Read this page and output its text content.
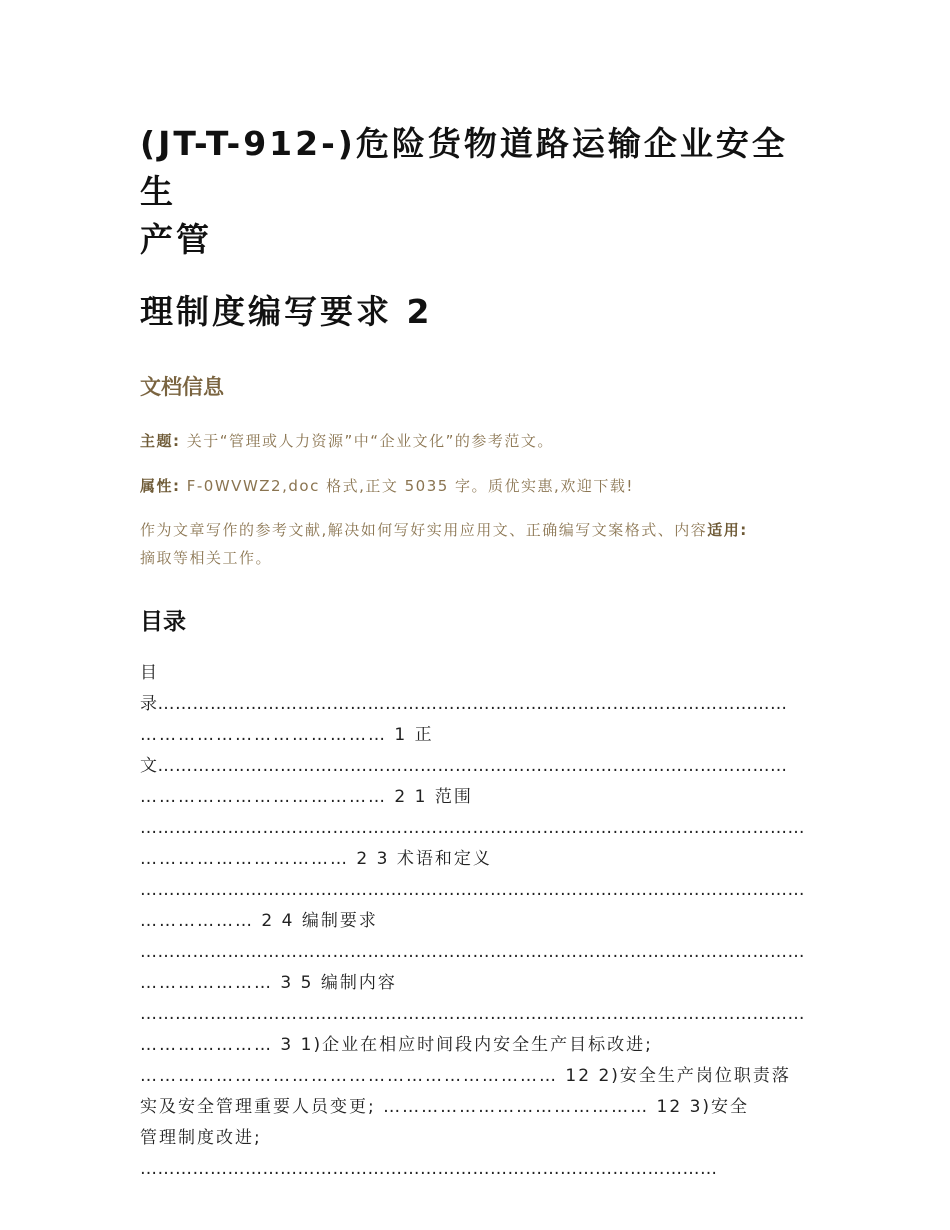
(JT-T-912-)危险货物道路运输企业安全生
产管
理制度编写要求 2
文档信息

主题: 关于“管理或人力资源”中“企业文化”的参考范文。

属性: F-0WVWZ2,doc 格式,正文 5035 字。质优实惠,欢迎下载!

作为文章写作的参考文献,解决如何写好实用应用文、正确编写文案格式、内容适用:
摘取等相关工作。

目录
目
录………………………………………………………………………………………………
………………………………… 1 正
文………………………………………………………………………………………………
………………………………… 2 1 范围
……………………………………………………………………………………………………
…………………………… 2 3 术语和定义
……………………………………………………………………………………………………
……………… 2 4 编制要求
……………………………………………………………………………………………………
………………… 3 5 编制内容
……………………………………………………………………………………………………
………………… 3 1)企业在相应时间段内安全生产目标改进;
………………………………………………………… 12 2)安全生产岗位职责落
实及安全管理重要人员变更; …………………………………… 12 3)安全
管理制度改进;
………………………………………………………………………………………
